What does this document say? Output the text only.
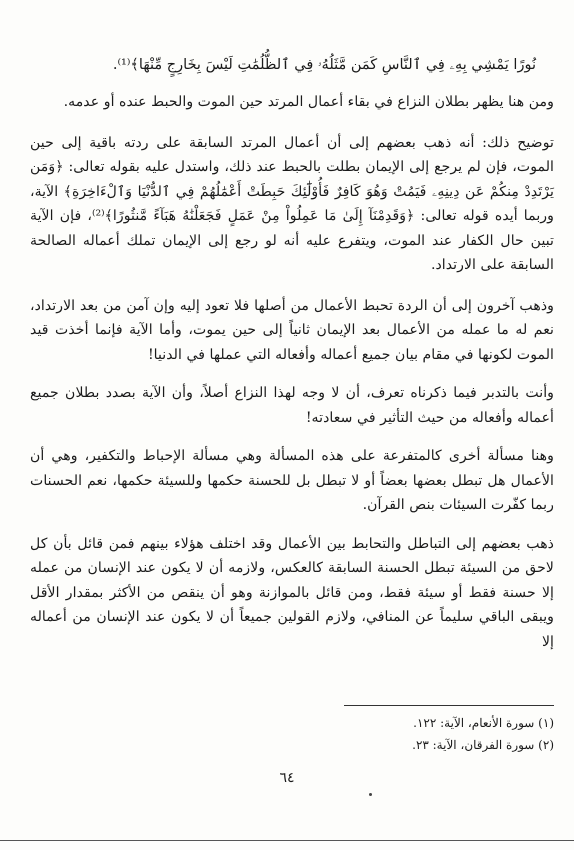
نُورًا يَمْشِي بِهِۦ فِي ٱلنَّاسِ كَمَن مَّثَلُهُۥ فِي ٱلظُّلُمَٰتِ لَيْسَ بِخَارِجٍ مِّنْهَا﴾⁽¹⁾.

ومن هنا يظهر بطلان النزاع في بقاء أعمال المرتد حين الموت والحبط عنده أو عدمه.

توضيح ذلك: أنه ذهب بعضهم إلى أن أعمال المرتد السابقة على ردته باقية إلى حين الموت، فإن لم يرجع إلى الإيمان بطلت بالحبط عند ذلك، واستدل عليه بقوله تعالى: ﴿وَمَن يَرْتَدِدْ مِنكُمْ عَن دِينِهِۦ فَيَمُتْ وَهُوَ كَافِرٌ فَأُوْلَٰٓئِكَ حَبِطَتْ أَعْمَٰلُهُمْ فِي ٱلدُّنْيَا وَٱلْءَاخِرَةِ﴾ الآية، وربما أيده قوله تعالى: ﴿وَقَدِمْنَآ إِلَىٰ مَا عَمِلُواْ مِنْ عَمَلٍ فَجَعَلْنَٰهُ هَبَآءً مَّنثُورًا﴾⁽²⁾، فإن الآية تبين حال الكفار عند الموت، ويتفرع عليه أنه لو رجع إلى الإيمان تملك أعماله الصالحة السابقة على الارتداد.

وذهب آخرون إلى أن الردة تحبط الأعمال من أصلها فلا تعود إليه وإن آمن من بعد الارتداد، نعم له ما عمله من الأعمال بعد الإيمان ثانياً إلى حين يموت، وأما الآية فإنما أخذت قيد الموت لكونها في مقام بيان جميع أعماله وأفعاله التي عملها في الدنيا!

وأنت بالتدبر فيما ذكرناه تعرف، أن لا وجه لهذا النزاع أصلاً، وأن الآية بصدد بطلان جميع أعماله وأفعاله من حيث التأثير في سعادته!

وهنا مسألة أخرى كالمتفرعة على هذه المسألة وهي مسألة الإحباط والتكفير، وهي أن الأعمال هل تبطل بعضها بعضاً أو لا تبطل بل للحسنة حكمها وللسيئة حكمها، نعم الحسنات ربما كفّرت السيئات بنص القرآن.

ذهب بعضهم إلى التباطل والتحابط بين الأعمال وقد اختلف هؤلاء بينهم فمن قائل بأن كل لاحق من السيئة تبطل الحسنة السابقة كالعكس، ولازمه أن لا يكون عند الإنسان من عمله إلا حسنة فقط أو سيئة فقط، ومن قائل بالموازنة وهو أن ينقص من الأكثر بمقدار الأقل ويبقى الباقي سليماً عن المنافي، ولازم القولين جميعاً أن لا يكون عند الإنسان من أعماله إلا

(١) سورة الأنعام، الآية: ١٢٢.

(٢) سورة الفرقان، الآية: ٢٣.

٦٤
